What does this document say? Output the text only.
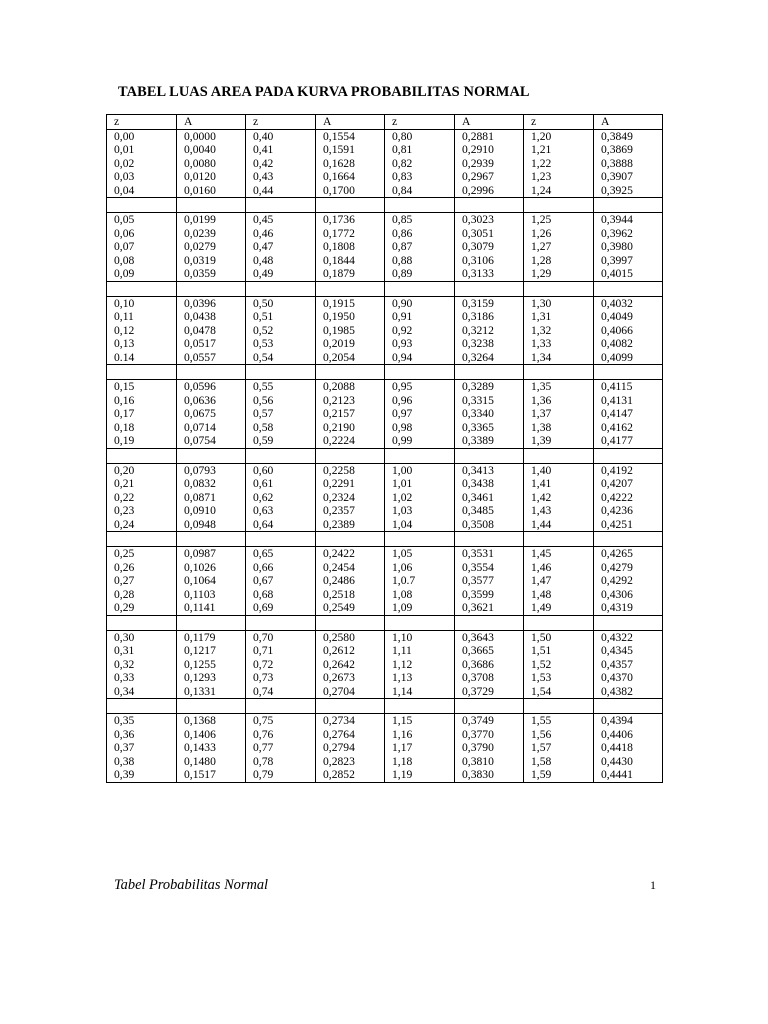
TABEL LUAS AREA PADA KURVA PROBABILITAS NORMAL
z	A	z	A	z	A	z	A
0,00	0,0000	0,40	0,1554	0,80	0,2881	1,20	0,3849
0,01	0,0040	0,41	0,1591	0,81	0,2910	1,21	0,3869
0,02	0,0080	0,42	0,1628	0,82	0,2939	1,22	0,3888
0,03	0,0120	0,43	0,1664	0,83	0,2967	1,23	0,3907
0,04	0,0160	0,44	0,1700	0,84	0,2996	1,24	0,3925

0,05	0,0199	0,45	0,1736	0,85	0,3023	1,25	0,3944
0,06	0,0239	0,46	0,1772	0,86	0,3051	1,26	0,3962
0,07	0,0279	0,47	0,1808	0,87	0,3079	1,27	0,3980
0,08	0,0319	0,48	0,1844	0,88	0,3106	1,28	0,3997
0,09	0,0359	0,49	0,1879	0,89	0,3133	1,29	0,4015

0,10	0,0396	0,50	0,1915	0,90	0,3159	1,30	0,4032
0,11	0,0438	0,51	0,1950	0,91	0,3186	1,31	0,4049
0,12	0,0478	0,52	0,1985	0,92	0,3212	1,32	0,4066
0,13	0,0517	0,53	0,2019	0,93	0,3238	1,33	0,4082
0.14	0,0557	0,54	0,2054	0,94	0,3264	1,34	0,4099

0,15	0,0596	0,55	0,2088	0,95	0,3289	1,35	0,4115
0,16	0,0636	0,56	0,2123	0,96	0,3315	1,36	0,4131
0,17	0,0675	0,57	0,2157	0,97	0,3340	1,37	0,4147
0,18	0,0714	0,58	0,2190	0,98	0,3365	1,38	0,4162
0,19	0,0754	0,59	0,2224	0,99	0,3389	1,39	0,4177

0,20	0,0793	0,60	0,2258	1,00	0,3413	1,40	0,4192
0,21	0,0832	0,61	0,2291	1,01	0,3438	1,41	0,4207
0,22	0,0871	0,62	0,2324	1,02	0,3461	1,42	0,4222
0,23	0,0910	0,63	0,2357	1,03	0,3485	1,43	0,4236
0,24	0,0948	0,64	0,2389	1,04	0,3508	1,44	0,4251

0,25	0,0987	0,65	0,2422	1,05	0,3531	1,45	0,4265
0,26	0,1026	0,66	0,2454	1,06	0,3554	1,46	0,4279
0,27	0,1064	0,67	0,2486	1,0.7	0,3577	1,47	0,4292
0,28	0,1103	0,68	0,2518	1,08	0,3599	1,48	0,4306
0,29	0,1141	0,69	0,2549	1,09	0,3621	1,49	0,4319

0,30	0,1179	0,70	0,2580	1,10	0,3643	1,50	0,4322
0,31	0,1217	0,71	0,2612	1,11	0,3665	1,51	0,4345
0,32	0,1255	0,72	0,2642	1,12	0,3686	1,52	0,4357
0,33	0,1293	0,73	0,2673	1,13	0,3708	1,53	0,4370
0,34	0,1331	0,74	0,2704	1,14	0,3729	1,54	0,4382

0,35	0,1368	0,75	0,2734	1,15	0,3749	1,55	0,4394
0,36	0,1406	0,76	0,2764	1,16	0,3770	1,56	0,4406
0,37	0,1433	0,77	0,2794	1,17	0,3790	1,57	0,4418
0,38	0,1480	0,78	0,2823	1,18	0,3810	1,58	0,4430
0,39	0,1517	0,79	0,2852	1,19	0,3830	1,59	0,4441
Tabel Probabilitas Normal	1
